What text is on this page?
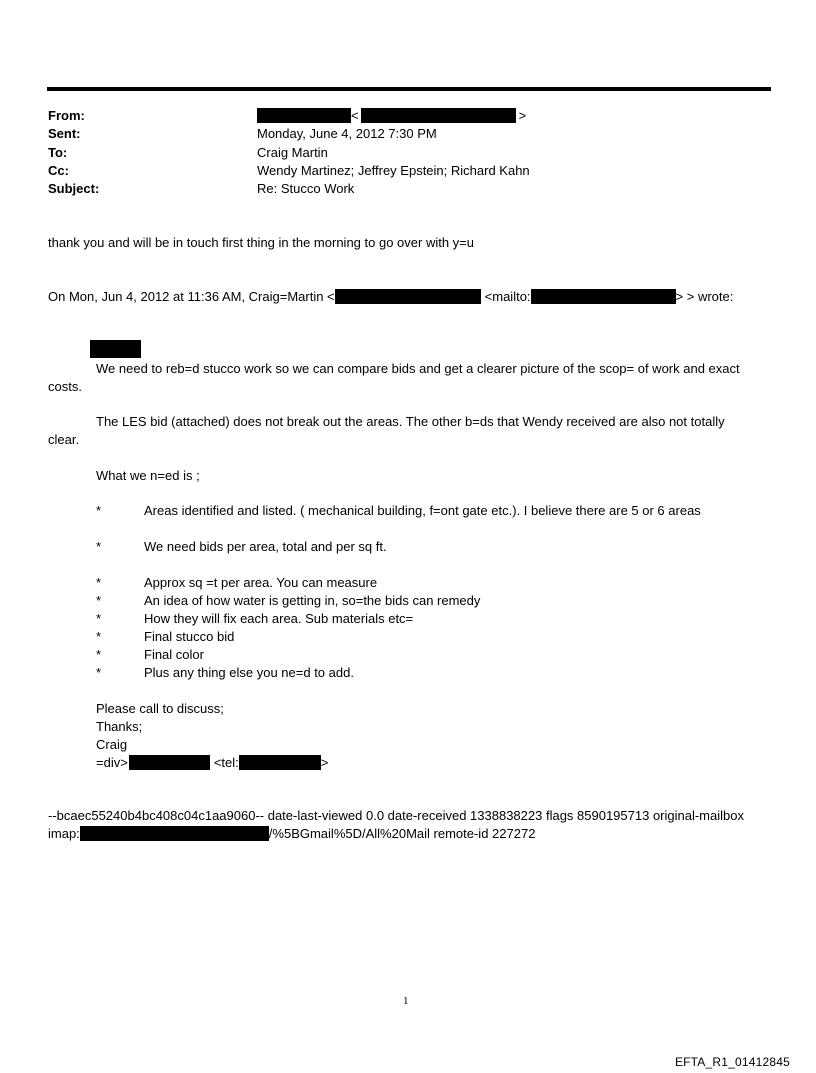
From:	<	>
Sent:	Monday, June 4, 2012 7:30 PM
To:	Craig Martin
Cc:	Wendy Martinez; Jeffrey Epstein; Richard Kahn
Subject:	Re: Stucco Work
thank you and will be in touch first thing in the morning to go over with y=u
On Mon, Jun 4, 2012 at 11:36 AM, Craig=Martin <	<mailto:	> > wrote:
We need to reb=d stucco work so we can compare bids and get a clearer picture of the scop= of work and exact
costs.
The LES bid (attached) does not break out the areas. The other b=ds that Wendy received are also not totally
clear.
What we n=ed is ;
*	Areas identified and listed. ( mechanical building, f=ont gate etc.). I believe there are 5 or 6 areas
*	We need bids per area, total and per sq ft.
*	Approx sq =t per area. You can measure
*	An idea of how water is getting in, so=the bids can remedy
*	How they will fix each area. Sub materials etc=
*	Final stucco bid
*	Final color
*	Plus any thing else you ne=d to add.
Please call to discuss;
Thanks;
Craig
=div>	<tel:	>
--bcaec55240b4bc408c04c1aa9060-- date-last-viewed 0.0 date-received 1338838223 flags 8590195713 original-mailbox
imap:	/%5BGmail%5D/All%20Mail remote-id 227272
1
EFTA_R1_01412845
